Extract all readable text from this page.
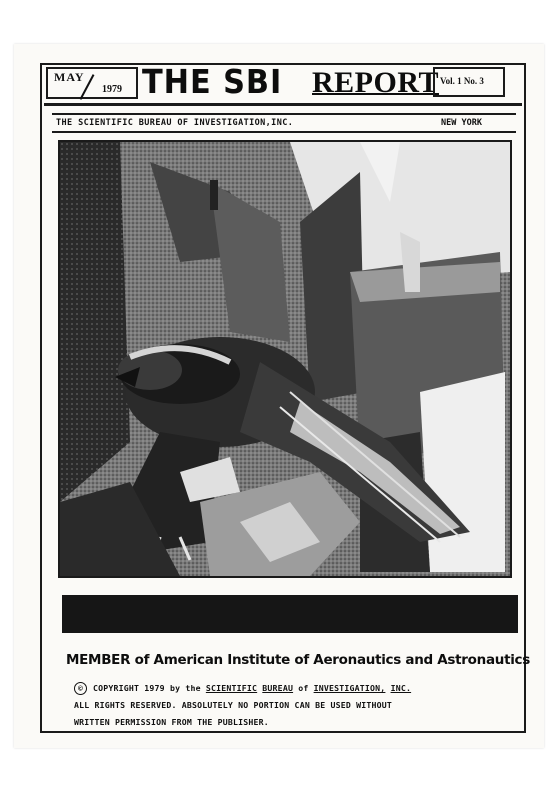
MAY
1979 THE SBI REPORT Vol. 1 No. 3
THE SCIENTIFIC BUREAU OF INVESTIGATION,INC.	NEW YORK
MEMBER of American Institute of Aeronautics and Astronautics
© COPYRIGHT 1979 by the SCIENTIFIC BUREAU of INVESTIGATION, INC.
ALL RIGHTS RESERVED. ABSOLUTELY NO PORTION CAN BE USED WITHOUT
WRITTEN PERMISSION FROM THE PUBLISHER.
